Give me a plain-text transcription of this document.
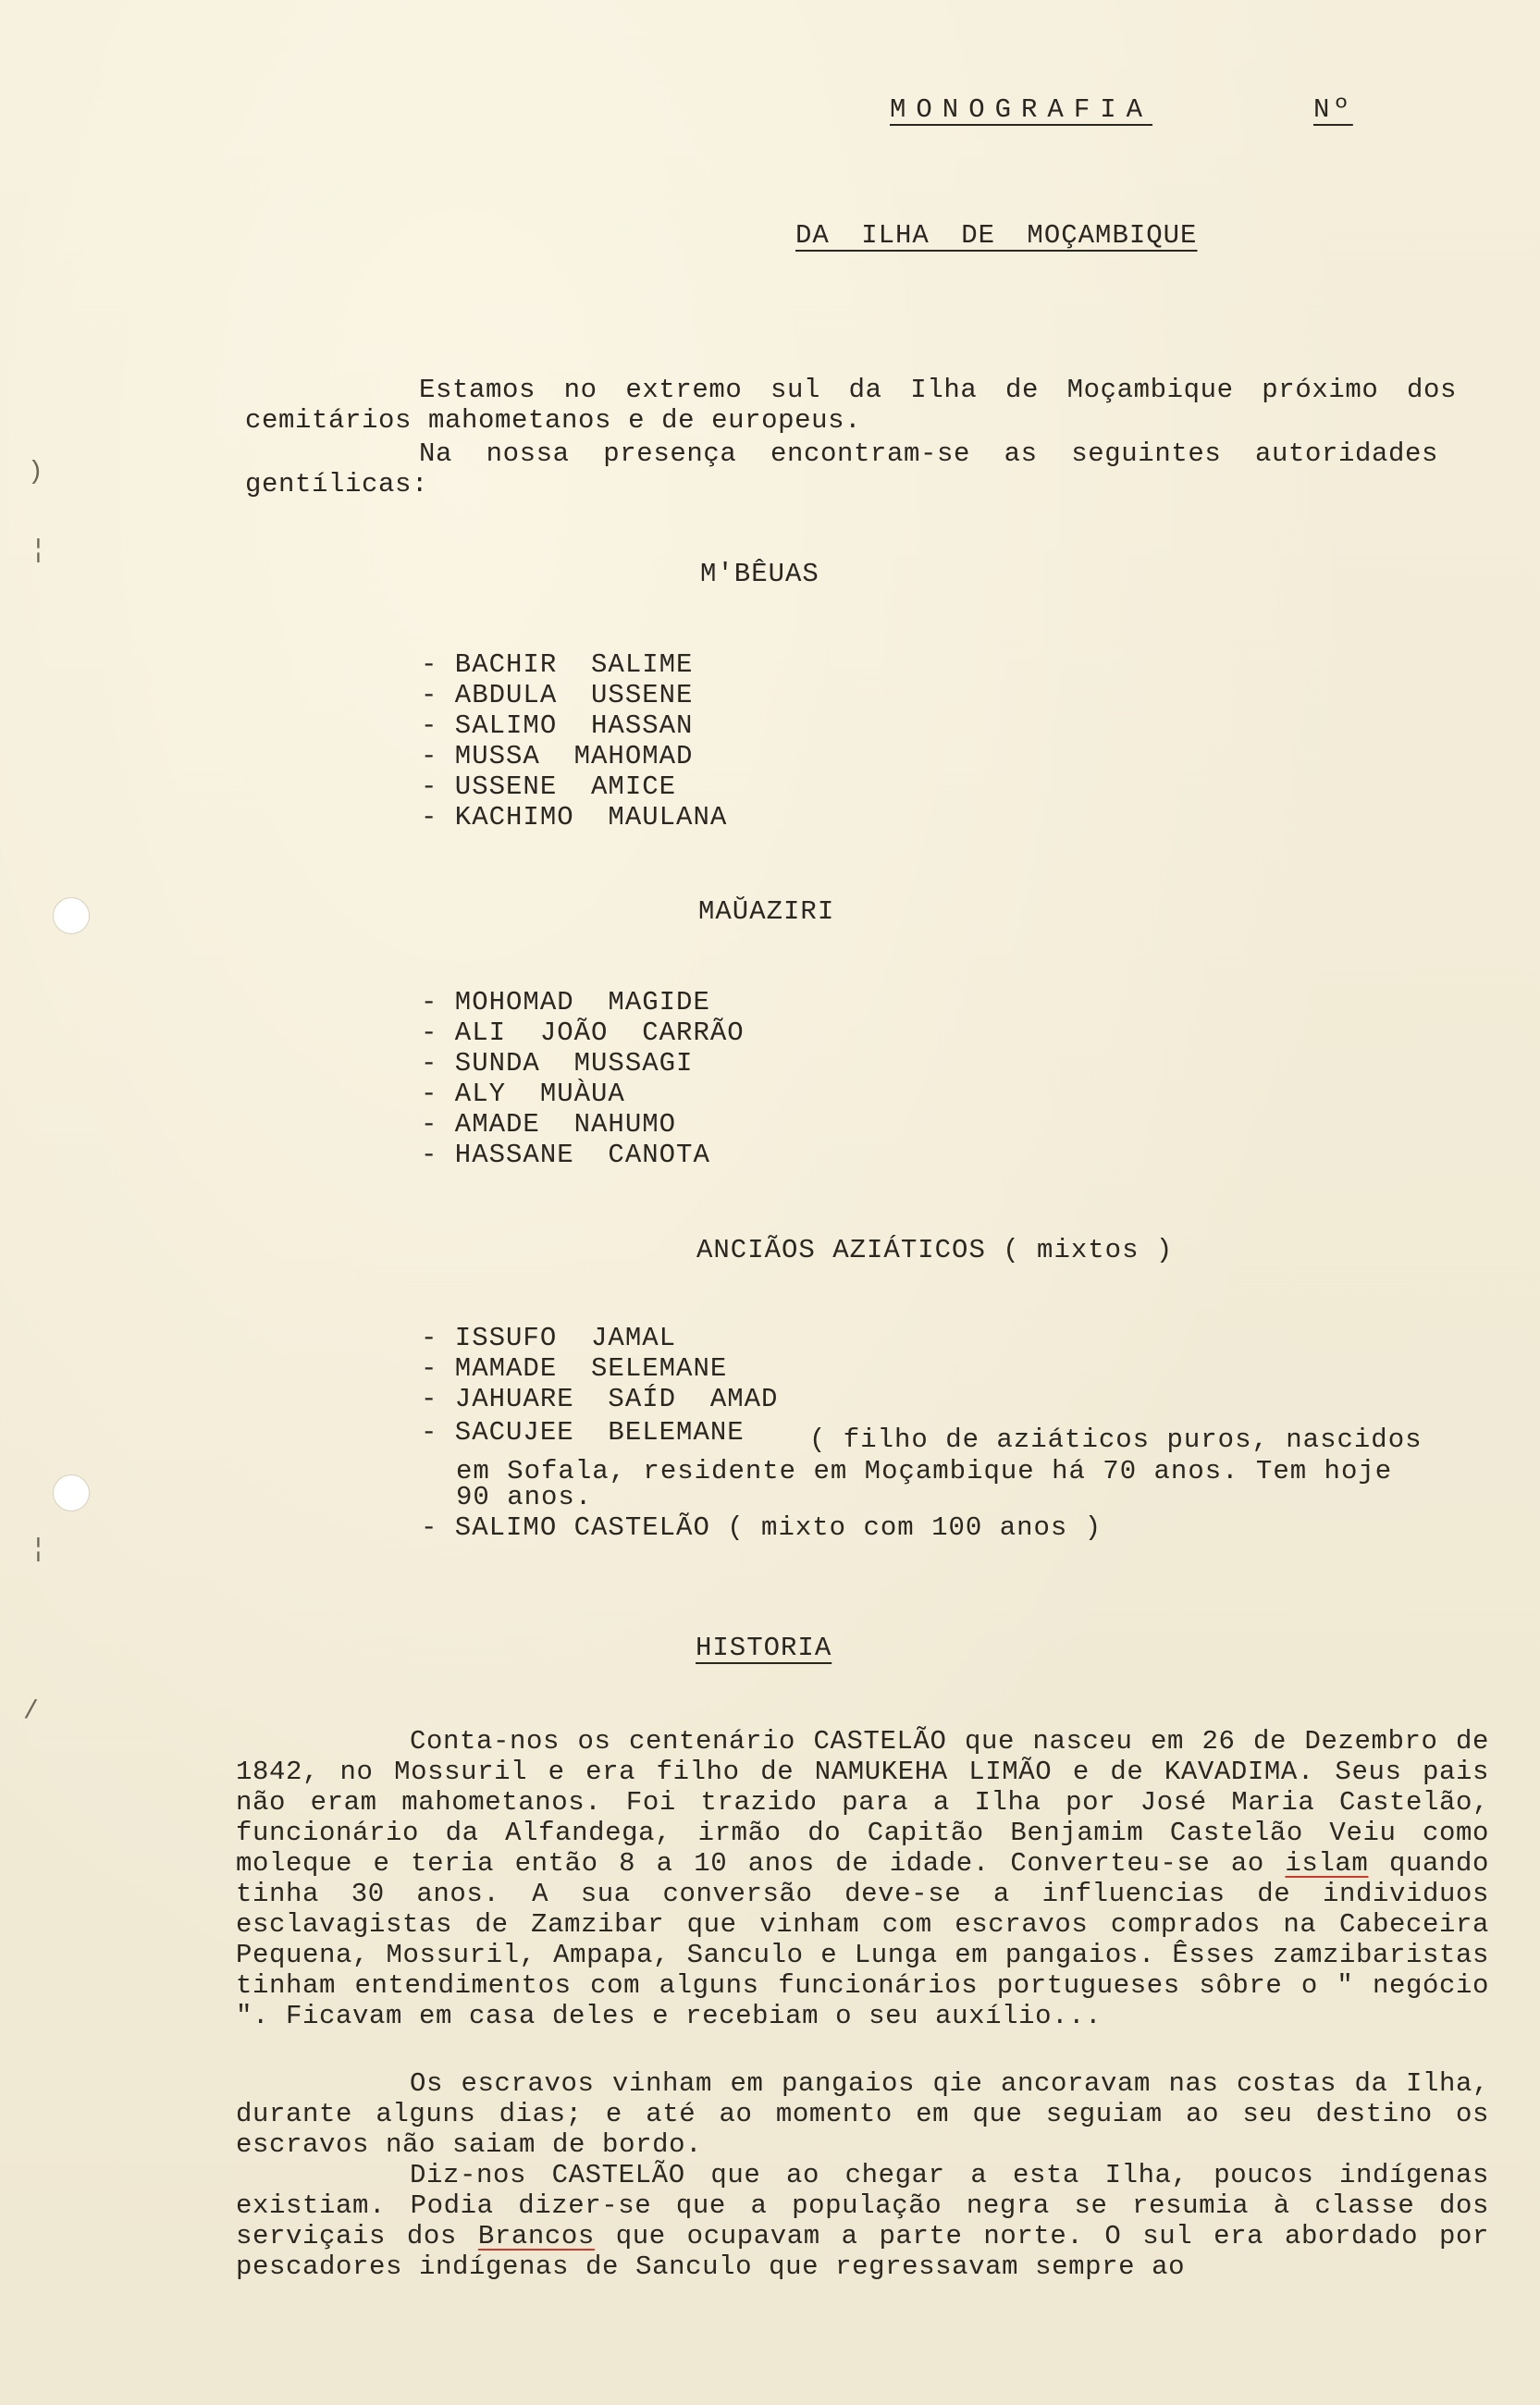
)
¦
¦
/
MONOGRAFIA	Nº
DA ILHA DE MOÇAMBIQUE
Estamos no extremo sul da Ilha de Moçambique próximo dos cemitários mahometanos e de europeus.
Na nossa presença encontram-se as seguintes autoridades gentílicas:
M'BÊUAS
- BACHIR  SALIME
- ABDULA  USSENE
- SALIMO  HASSAN
- MUSSA  MAHOMAD
- USSENE  AMICE
- KACHIMO  MAULANA
MAŬAZIRI
- MOHOMAD  MAGIDE
- ALI  JOÃO  CARRÃO
- SUNDA  MUSSAGI
- ALY  MUÀUA
- AMADE  NAHUMO
- HASSANE  CANOTA
ANCIÃOS AZIÁTICOS ( mixtos )
- ISSUFO  JAMAL
- MAMADE  SELEMANE
- JAHUARE  SAÍD  AMAD
- SACUJEE  BELEMANE ( filho de aziáticos puros, nascidos
em Sofala, residente em Moçambique há 70 anos. Tem hoje
90 anos.
- SALIMO CASTELÃO ( mixto com 100 anos )
HISTORIA
Conta-nos os centenário CASTELÃO que nasceu em 26 de Dezembro de 1842, no Mossuril e era filho de NAMUKEHA LIMÃO e de KAVADIMA. Seus pais não eram mahometanos. Foi trazido para a Ilha por José Maria Castelão, funcionário da Alfandega, irmão do Capitão Benjamim Castelão Veiu como moleque e teria então 8 a 10 anos de idade. Converteu-se ao islam quando tinha 30 anos. A sua conversão deve-se a influencias de individuos esclavagistas de Zamzibar que vinham com escravos comprados na Cabeceira Pequena, Mossuril, Ampapa, Sanculo e Lunga em pangaios. Êsses zamzibaristas tinham entendimentos com alguns funcionários portugueses sôbre o " negócio ". Ficavam em casa deles e recebiam o seu auxílio...
Os escravos vinham em pangaios qie ancoravam nas costas da Ilha, durante alguns dias; e até ao momento em que seguiam ao seu destino os escravos não saiam de bordo.
Diz-nos CASTELÃO que ao chegar a esta Ilha, poucos indígenas existiam. Podia dizer-se que a população negra se resumia à classe dos serviçais dos Brancos que ocupavam a parte norte. O sul era abordado por pescadores indígenas de Sanculo que regressavam sempre ao
